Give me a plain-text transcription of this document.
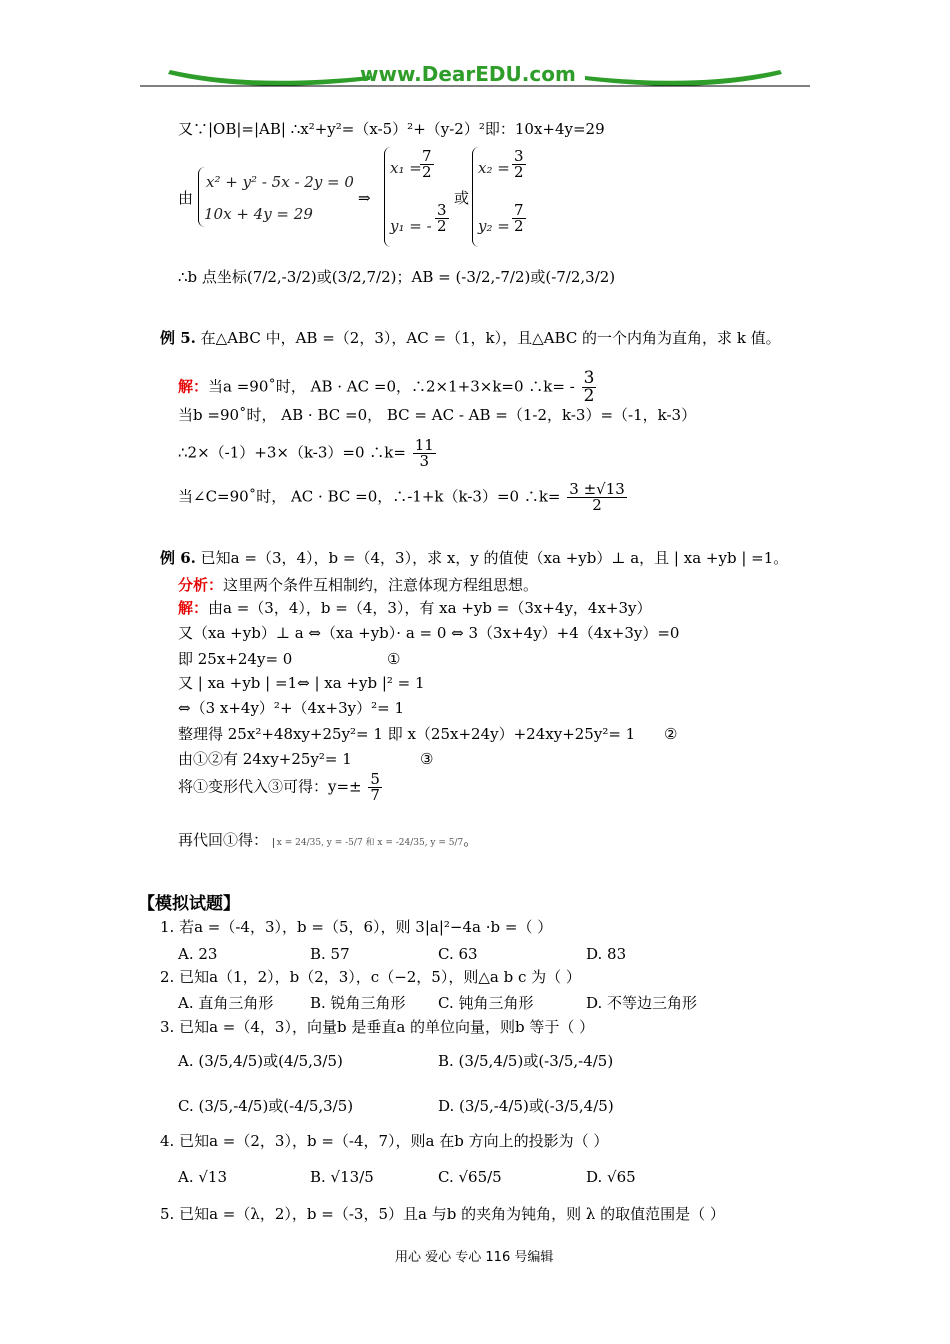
www.DearEDU.com
又∵|OB|=|AB| ∴x²+y²=（x-5）²+（y-2）²即：10x+4y=29
由
x² + y² - 5x - 2y = 0
10x + 4y = 29
⇒
x₁ =
$\frac{7}{2}$
y₁ = - $\frac{3}{2}$
或
$x_2 = \frac{3}{2}$
$y_2 = \frac{7}{2}$
∴b 点坐标(7/2,-3/2)或(3/2,7/2)；AB = (-3/2,-7/2)或(-7/2,3/2)
例 5. 在△ABC 中，AB =（2，3），AC =（1，k），且△ABC 的一个内角为直角，求 k 值。
解：当a =90˚时， AB · AC =0，∴2×1+3×k=0 ∴k= - $\frac{3}{2}$
当b =90˚时， AB · BC =0， BC = AC - AB =（1-2，k-3）=（-1，k-3）
∴2×（-1）+3×（k-3）=0 ∴k= $\frac{11}{3}$
当∠C=90˚时， AC · BC =0，∴-1+k（k-3）=0 ∴k= $\frac{3 \pm√13}{2}$
例 6. 已知a =（3，4），b =（4，3），求 x，y 的值使（xa +yb）⊥ a，且 | xa +yb | =1。
分析：这里两个条件互相制约，注意体现方程组思想。
解：由a =（3，4），b =（4，3），有 xa +yb =（3x+4y，4x+3y）
又（xa +yb）⊥ a ⇔（xa +yb）· a = 0 ⇔ 3（3x+4y）+4（4x+3y）=0
即 25x+24y= 0	①
又 | xa +yb | =1⇔ | xa +yb |² = 1
⇔（3 x+4y）²+（4x+3y）²= 1
整理得 25x²+48xy+25y²= 1 即 x（25x+24y）+24xy+25y²= 1 ②
由①②有 24xy+25y²= 1	③
将①变形代入③可得：$y=\pm \frac{5}{7}$
再代回①得： x = 24/35, y = -5/7 和 x = -24/35, y = 5/7。
【模拟试题】
1. 若a =（-4，3），b =（5，6），则 3|a|²−4a ·b =（ ）
A. 23	B. 57	C. 63	D. 83
2. 已知a（1，2），b（2，3），c（−2，5），则△a b c 为（ ）
A. 直角三角形 B. 锐角三角形 C. 钝角三角形	D. 不等边三角形
3. 已知a =（4，3），向量b 是垂直a 的单位向量，则b 等于（ ）
A. (3/5,4/5)或(4/5,3/5)	B. (3/5,4/5)或(-3/5,-4/5)
C. (3/5,-4/5)或(-4/5,3/5)	D. (3/5,-4/5)或(-3/5,4/5)
4. 已知a =（2，3），b =（-4，7），则a 在b 方向上的投影为（ ）
A. √13	B. √13/5	C. √65/5	D. √65
5. 已知a =（λ，2），b =（-3，5）且a 与b 的夹角为钝角，则 λ 的取值范围是（ ）
用心 爱心 专心 116 号编辑
